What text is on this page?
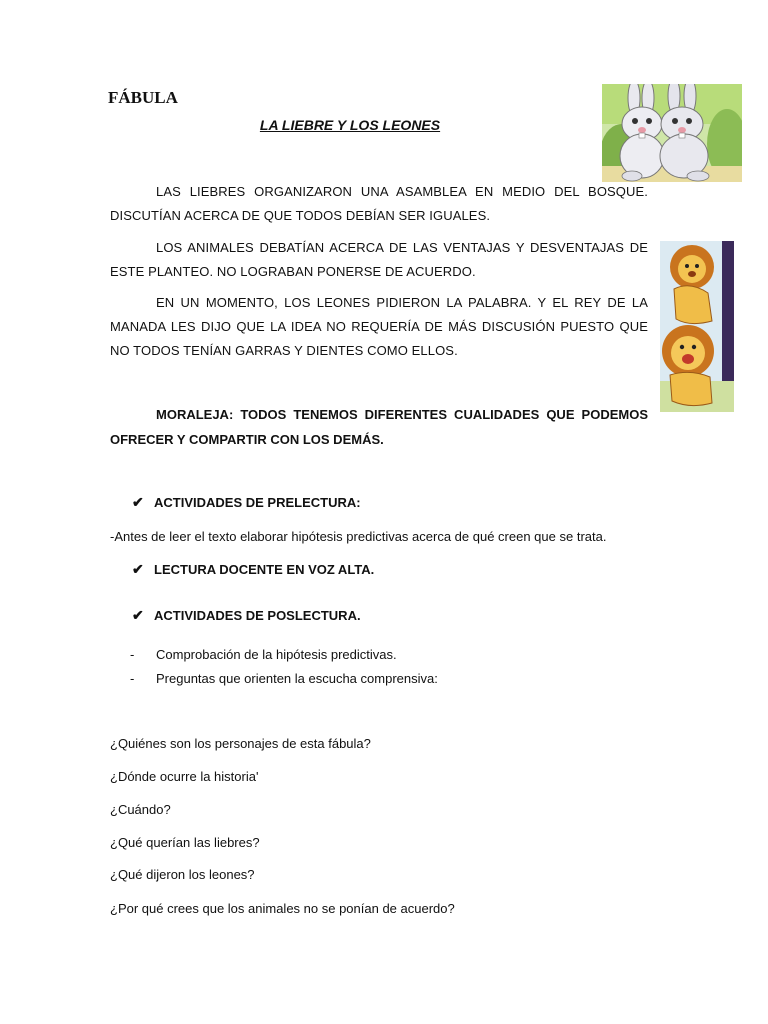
FÁBULA
LA LIEBRE Y LOS LEONES

LAS LIEBRES ORGANIZARON UNA ASAMBLEA EN MEDIO DEL BOSQUE. DISCUTÍAN ACERCA DE QUE TODOS DEBÍAN SER IGUALES.

LOS ANIMALES DEBATÍAN ACERCA DE LAS VENTAJAS Y DESVENTAJAS DE ESTE PLANTEO. NO LOGRABAN PONERSE DE ACUERDO.

EN UN MOMENTO, LOS LEONES PIDIERON LA PALABRA. Y EL REY DE LA MANADA LES DIJO QUE LA IDEA NO REQUERÍA DE MÁS DISCUSIÓN PUESTO QUE NO TODOS TENÍAN GARRAS Y DIENTES COMO ELLOS.

MORALEJA: TODOS TENEMOS DIFERENTES CUALIDADES QUE PODEMOS OFRECER Y COMPARTIR CON LOS DEMÁS.

✔ ACTIVIDADES DE PRELECTURA:

-Antes de leer el texto elaborar hipótesis predictivas acerca de qué creen que se trata.

✔ LECTURA DOCENTE EN VOZ ALTA.
✔ ACTIVIDADES DE POSLECTURA.
-	Comprobación de la hipótesis predictivas.
-	Preguntas que orienten la escucha comprensiva:

¿Quiénes son los personajes de esta fábula?

¿Dónde ocurre la historia'

¿Cuándo?

¿Qué querían las liebres?

¿Qué dijeron los leones?

¿Por qué crees que los animales no se ponían de acuerdo?
